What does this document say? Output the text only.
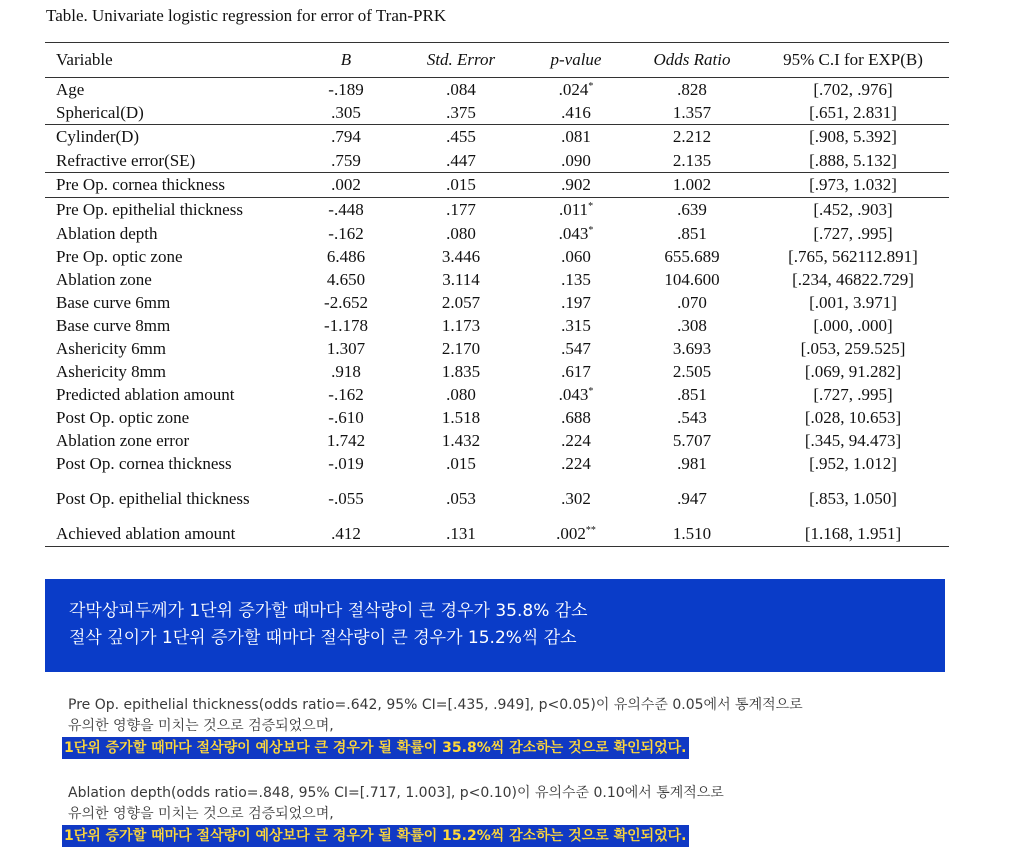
Table. Univariate logistic regression for error of Tran-PRK
Variable	B	Std. Error	p-value	Odds Ratio	95% C.I for EXP(B)
Age	-.189	.084	.024*	.828	[.702, .976]
Spherical(D)	.305	.375	.416	1.357	[.651, 2.831]
Cylinder(D)	.794	.455	.081	2.212	[.908, 5.392]
Refractive error(SE)	.759	.447	.090	2.135	[.888, 5.132]
Pre Op. cornea thickness	.002	.015	.902	1.002	[.973, 1.032]
Pre Op. epithelial thickness	-.448	.177	.011*	.639	[.452, .903]
Ablation depth	-.162	.080	.043*	.851	[.727, .995]
Pre Op. optic zone	6.486	3.446	.060	655.689	[.765, 562112.891]
Ablation zone	4.650	3.114	.135	104.600	[.234, 46822.729]
Base curve 6mm	-2.652	2.057	.197	.070	[.001, 3.971]
Base curve 8mm	-1.178	1.173	.315	.308	[.000, .000]
Ashericity 6mm	1.307	2.170	.547	3.693	[.053, 259.525]
Ashericity 8mm	.918	1.835	.617	2.505	[.069, 91.282]
Predicted ablation amount	-.162	.080	.043*	.851	[.727, .995]
Post Op. optic zone	-.610	1.518	.688	.543	[.028, 10.653]
Ablation zone error	1.742	1.432	.224	5.707	[.345, 94.473]
Post Op. cornea thickness	-.019	.015	.224	.981	[.952, 1.012]
Post Op. epithelial thickness	-.055	.053	.302	.947	[.853, 1.050]
Achieved ablation amount	.412	.131	.002**	1.510	[1.168, 1.951]
각막상피두께가 1단위 증가할 때마다 절삭량이 큰 경우가 35.8% 감소
절삭 깊이가 1단위 증가할 때마다 절삭량이 큰 경우가 15.2%씩 감소
Pre Op. epithelial thickness(odds ratio=.642, 95% CI=[.435, .949], p<0.05)이 유의수준 0.05에서 통계적으로
유의한 영향을 미치는 것으로 검증되었으며,
1단위 증가할 때마다 절삭량이 예상보다 큰 경우가 될 확률이 35.8%씩 감소하는 것으로 확인되었다.
Ablation depth(odds ratio=.848, 95% CI=[.717, 1.003], p<0.10)이 유의수준 0.10에서 통계적으로
유의한 영향을 미치는 것으로 검증되었으며,
1단위 증가할 때마다 절삭량이 예상보다 큰 경우가 될 확률이 15.2%씩 감소하는 것으로 확인되었다.
